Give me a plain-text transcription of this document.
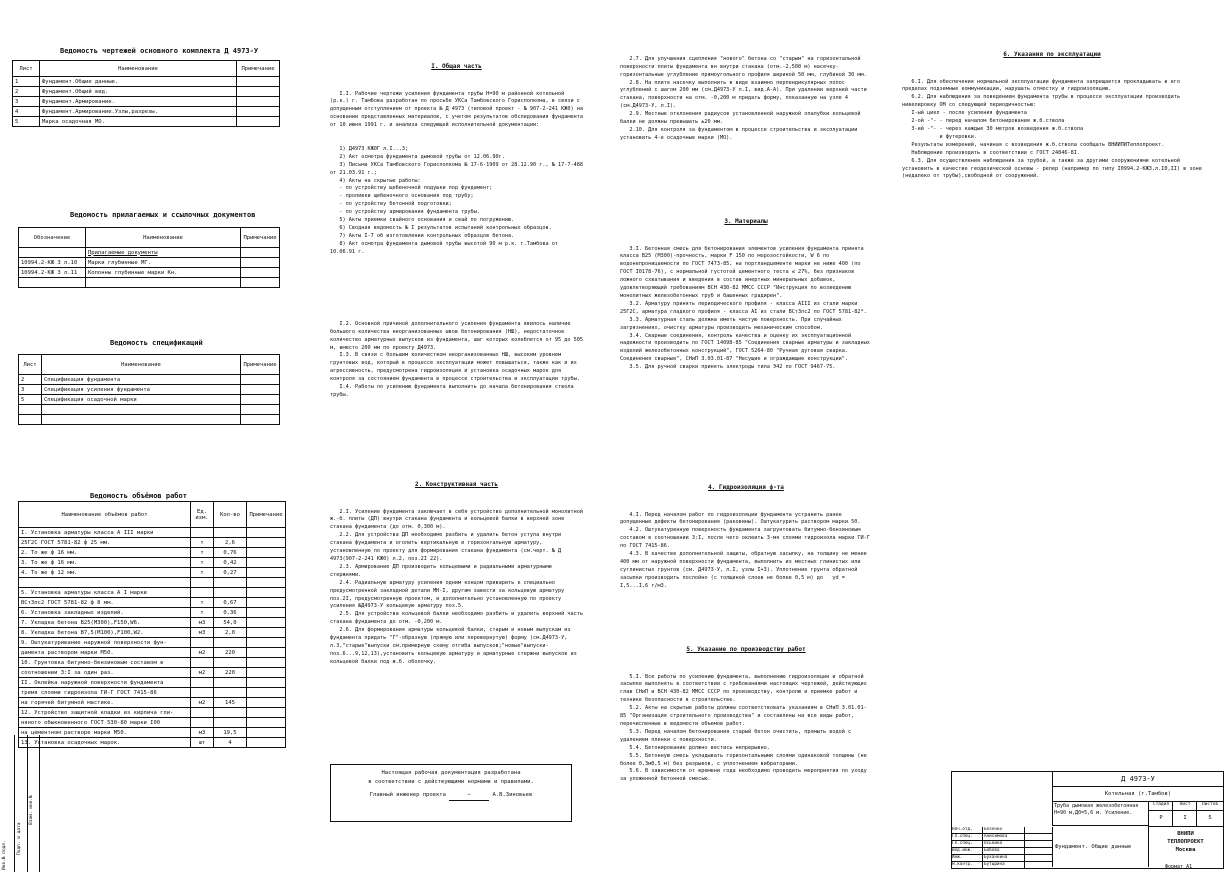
Ведомость чертежей основного комплекта Д 4973-У
Лист	Наименование	Примечание
1	Фундамент.Общие данные.	
2	Фундамент.Общий вид.	
3	Фундамент.Армирование.	
4	Фундамент.Армирование.Узлы,разрезы.	
5	Марка осадочная МО.	
Ведомость прилагаемых и ссылочных документов
Обозначение	Наименование	Примечание
	Прилагаемые документы	
10994.2-КЖ 3 л.10	Марки глубинные МГ.	
10994.2-КЖ 3 л.11	Колонны глубинные марки Кн.	

Ведомость спецификаций
Лист	Наименование	Примечание
2	Спецификация фундамента	
3	Спецификация усиления фундамента	
5	Спецификация осадочной марки	

Ведомость объёмов работ
Наименование объёмов работ	Ед. изм.	Кол-во	Примечание
I. Установка арматуры класса А III марки			
25Г2С ГОСТ 5781-82 ф 25 мм.	т	2,6	
2. То же ф 16 мм.	т	0,76	
3. То же ф 16 мм.	т	0,42	
4. То же ф 12 мм.	т	0,27	

5. Установка арматуры класса А I марки			
ВСт3пс2 ГОСТ 5781-82 ф 8 мм.	т	0,67	
6. Установка закладных изделий.	т	0,36	
7. Укладка бетона В25(М300),F150,W6.	м3	54,0	
8. Укладка бетона В7,5(М100),F100,W2.	м3	2,0	
9. Оштукатуривание наружной поверхности фун-			
дамента раствором марки М50.	м2	220	
10. Грунтовка битумно-бензиновым составом в			
соотношении 3:I за один раз.	м2	220	
II. Оклейка наружной поверхности фундамента			
тремя слоями гидроизола ГИ-Г ГОСТ 7415-86			
на горячей битумной мастике.	м2	145	
12. Устройство защитной кладки из кирпича гли-			
няного обыкновенного ГОСТ 530-80 марки I00			
на цементном растворе марки М50.	м3	19,5	
13. Установка осадочных марок.	шт	4	
Инв.№ подл.
Подп. и дата
Взам. инв.№

I. Общая часть

I.I. Рабочие чертежи усиления фундамента трубы Н=90 м районной котельной (р.к.) г. Тамбова разработан по просьбе УКСа Тамбовского Горисполкома, в связи с допущенным отступлением от проекта № Д 4973 (типовой проект - № 907-2-241 КЖ0) на основании представленных материалов, с учетом результатов обследования фундамента от 10 июня 1991 г. и анализа следующей исполнительной документации:

1) Д4973 КЖ0Г л.I...3;
2) Акт осмотра фундамента дымовой трубы от 12.06.90г.
3) Письма УКСа Тамбовского Горисполкома № 17-6-1909 от 28.12.90 г., № 17-7-488 от 21.03.91 г.;
4) Акты на скрытые работы:
- по устройству щебеночной подушки под фундамент;
- проливки щебеночного основания под трубу;
- по устройству бетонной подготовки;
- по устройству армирования фундамента трубы.
5) Акты приемки свайного основания и свай по погружению.
6) Сводная ведомость № I результатов испытаний контрольных образцов.
7) Акты I-7 об изготовлении контрольных образцов бетона.
8) Акт осмотра фундамента дымовой трубы высотой 90 м р.к. г.Тамбова от 10.06.91 г.

I.2. Основной причиной дополнительного усиления фундамента явилось наличие большого количества неорганизованных швов бетонирования (НШ), недостаточное количество арматурных выпусков из фундамента, шаг которых колеблется от 95 до 505 м, вместо 200 мм по проекту Д4973.
I.3. В связи с большим количеством неорганизованных НШ, высоким уровнем грунтовых вод, который в процессе эксплуатации может повышаться, также как и их агрессивность, предусмотрена гидроизоляция и установка осадочных марок для контроля за состоянием фундамента в процессе строительства и эксплуатации трубы.
I.4. Работы по усилению фундамента выполнить до начала бетонирования ствола трубы.

2. Конструктивная часть

2.I. Усиление фундамента заключает в себя устройство дополнительной монолитной ж.-б. плиты (ДП) внутри стакана фундамента и кольцевой балки в верхней зоне стакана фундамента (до отм. 0,300 м).
2.2. Для устройства ДП необходимо разбить и удалить бетон уступа внутри стакана фундамента и оголить вертикальную и горизонтальную арматуру, установленную по проекту для формирования стакана фундамента (см.черт. № Д 4973(907-2-241 КЖ0) л.2, поз.2I 22).
2.3. Армирование ДП производить кольцевыми и радиальными арматурными стержнями.
2.4. Радиальную арматуру усиления одним концом приварить к специально предусмотренной закладной детали МН-I, другим завести за кольцевую арматуру поз.2I, предусмотренную проектом, и дополнительно установленную по проекту усиления №Д4973-У кольцевую арматуру поз.5.
2.5. Для устройства кольцевой балки необходимо разбить и удалить верхний часть стакана фундамента до отм. -0,200 м.
2.6. Для формирования арматуры кольцевой балки, старым и новым выпускам из фундамента придать "Г"-образную (прямую или перевернутую) форму (см.Д4973-У, л.3,"старые"выпуски см.примерную схему отгиба выпусков;"новые"выпуски-поз.6...9,12,13),установить кольцевую арматуру и арматурные стержни выпусков из кольцевой балки под ж.б. оболочку.

Настоящая рабочая документация разработана
в соответствии с действующими нормами и правилами.
Главный инженер проекта	∽	А.В.Зиновьев

2.7. Для улучшения сцепления "нового" бетона со "старым" на горизонтальной поверхности плиты фундамента вн внутри стакана (отм.-2,500 м) насечку-горизонтальные углубление прямоугольного профиля шириной 50 мм, глубиной 30 мм.
2.8. На плите насечку выполнить в виде взаимно перпендикулярных полос углублений с шагом 200 мм (см.Д4973-У л.I, вид.А-А). При удалении верхней части стакана, поверхности на отм. -0,200 м придать форму, показанную на узле 4 (см.Д4973-У, л.I).
2.9. Местные отклонения радиусов установленной наружной опалубки кольцевой балки не должны превышать ±20 мм.
2.10. Для контроля за фундаментом в процессе строительства и эксплуатации установить 4-е осадочные марки (МО).

3. Материалы

3.I. Бетонная смесь для бетонирования элементов усиления фундамента принята класса В25 (М300)-прочность, марки F 150 по морозостойкости, W 6 по водонепроницаемости по ГОСТ 7473-85, на портландцементе марки не ниже 400 (по ГОСТ I0178-76), с нормальной густотой цементного теста ≤ 27%, без признаков ложного схватывания и введения в состав инертных минеральных добавок, удовлетворяющий требованиям ВСН 430-82 ММСС СССР "Инструкция по возведению монолитных железобетонных труб и башенных градирен".
3.2. Арматуру принять периодического профиля - класса АIII из стали марки 25Г2С, арматура гладкого профиля - класса АI из стали ВСт3пс2 по ГОСТ 5781-82*.
3.3. Арматурная сталь должна иметь чистую поверхность. При случайных загрязнениях, очистку арматуры производить механическим способом.
3.4. Сварные соединения, контроль качества и оценку их эксплуатационной надежности производить по ГОСТ 14098-85 "Соединения сварные арматуры и закладных изделий железобетонных конструкций", ГОСТ 5264-80 "Ручная дуговая сварка. Соединения сварные", СНиП 3.03.01-87 "Несущие и ограждающие конструкции".
3.5. Для ручной сварки принять электроды типа Э42 по ГОСТ 9467-75.

4. Гидроизоляция ф-та

4.I. Перед началом работ по гидроизоляции фундамента устранить ранее допущенные дефекты бетонирования (раковины). Оштукатурить раствором марки 50.
4.2. Оштукатуренную поверхность фундамента загрунтовать битумно-бензиновым составом в соотношении 3:I, после чего оклеить 3-мя слоями гидроизола марки ГИ-Г по ГОСТ 7415-86.
4.3. В качестве дополнительной защиты, обратную засыпку, на толщину не менее 400 мм от наружной поверхности фундамента, выполнить из местных глинистых или суглинистых грунтов (см. Д4973-У, л.I, узлы I+3). Уплотнение грунта обратной засыпки производить послойно (с толщиной слоев не более 0,5 м) до   γd = I,5...I,6 т/м3.

5. Указание по производству работ

5.I. Все работы по усилению фундамента, выполнению гидроизоляции и обратной засыпке выполнять в соответствии с требованиями настоящих чертежей, действующих глав СНиП и ВСН 430-82 ММСС СССР по производству, контролю и приемке работ и технике безопасности в строительстве.
5.2. Акты на скрытые работы должны соответствовать указаниям в СНиП 3.01.01-85 "Организация строительного производства" и составлены на все виды работ, перечисленные в ведомости объемов работ.
5.3. Перед началом бетонирования старый бетон очистить, промыть водой с удалением пленки с поверхности.
5.4. Бетонирование должно вестись непрерывно.
5.5. Бетонную смесь укладывать горизонтальными слоями одинаковой толщины (не более 0,3м0,5 м) без разрывов, с уплотнением вибраторами.
5.6. В зависимости от времени года необходимо проводить мероприятия по уходу за уложенной бетонной смесью.

6. Указания по эксплуатации

6.I. Для обеспечения нормальной эксплуатации фундамента запрещается прокладывать в его пределах подземные коммуникации, нарушать отмостку и гидроизоляцию.
6.2. Для наблюдения за поведением фундамента трубы в процессе эксплуатации производить нивелировку ОМ со следующей периодичностью:
I-ый цикл - после усиления фундамента
2-ой -"- - перед началом бетонирования ж.б.ствола
3-ий -"- - через каждые 30 метров возведения ж.б.ствола
и футеровки.
Результаты измерений, начиная с возведения ж.б.ствола сообщать ВНИИПИТеплопроект.
Наблюдение производить в соответствии с ГОСТ 24846-8I.
6.3. Для осуществления наблюдения за трубой, а также за другими сооружениями котельной установить в качестве геодезической основы - репер (например по типу I0994.2-КЖ3,л.I0,II) в зоне (недалеко от трубы),свободной от сооружений.

Д 4973-У
Котельная (г.Тамбов)
Труба дымовая железобетонная Н=90 м,Д0=5,6 м. Усиление.
Стадия	Лист	Листов
Р	I	5
Фундамент. Общие данные
ВНИПИ
ТЕПЛОПРОЕКТ
Москва
Нач.отд.	Безенко
Гл.спец.	Анисимова
Гл.спец.	Оськина
Вед.инж.	Бобова
Инж.	Буханкина
Н.контр.	Бутырина	Формат А1
